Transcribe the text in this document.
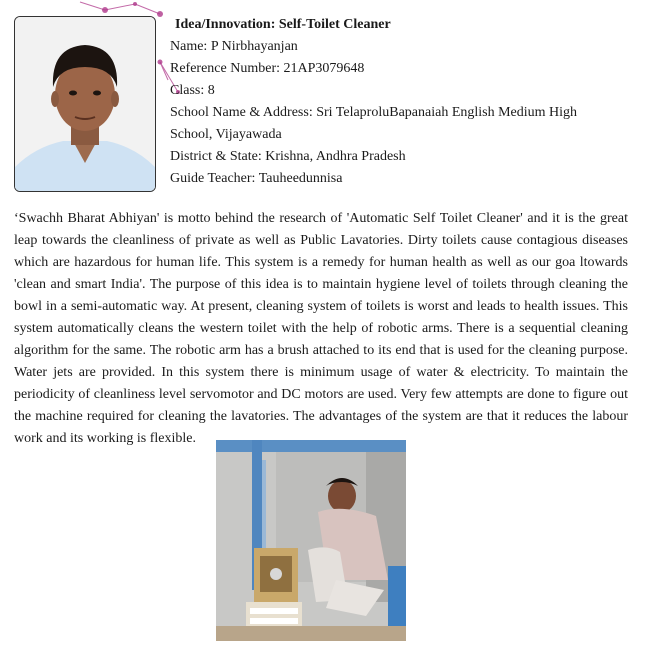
Idea/Innovation: Self-Toilet Cleaner
Name: P Nirbhayanjan
Reference Number: 21AP3079648
Class: 8
School Name & Address: Sri TelaproluBapanaiah English Medium High School, Vijayawada
District & State: Krishna, Andhra Pradesh
Guide Teacher: Tauheedunnisa
‘Swachh Bharat Abhiyan' is motto behind the research of 'Automatic Self Toilet Cleaner' and it is the great leap towards the cleanliness of private as well as Public Lavatories. Dirty toilets cause contagious diseases which are hazardous for human life. This system is a remedy for human health as well as our goa ltowards 'clean and smart India'. The purpose of this idea is to maintain hygiene level of toilets through cleaning the bowl in a semi-automatic way. At present, cleaning system of toilets is worst and leads to health issues. This system automatically cleans the western toilet with the help of robotic arms. There is a sequential cleaning algorithm for the same. The robotic arm has a brush attached to its end that is used for the cleaning purpose. Water jets are provided. In this system there is minimum usage of water & electricity. To maintain the periodicity of cleanliness level servomotor and DC motors are used. Very few attempts are done to figure out the machine required for cleaning the lavatories. The advantages of the system are that it reduces the labour work and its working is flexible.
